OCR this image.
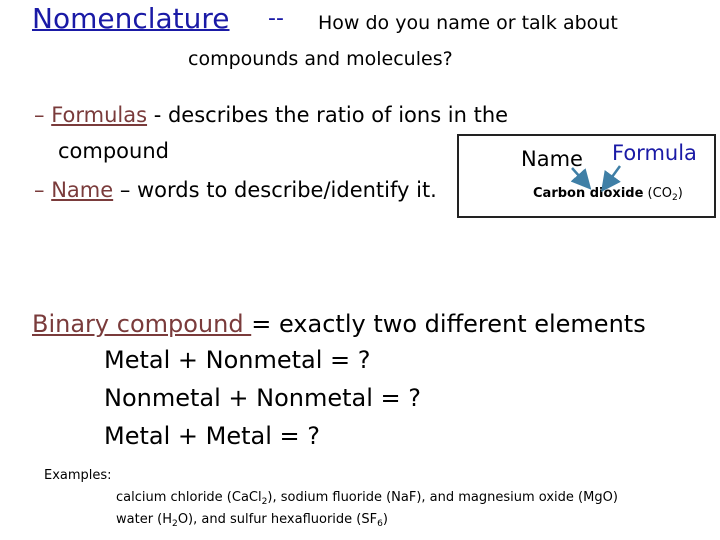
Nomenclature -- How do you name or talk about
compounds and molecules?
– Formulas - describes the ratio of ions in the
compound
– Name – words to describe/identify it.
Name Formula
Carbon dioxide $(CO_2)$
Binary compound = exactly two different elements
Metal + Nonmetal = ?
Nonmetal + Nonmetal = ?
Metal + Metal = ?
Examples:
calcium chloride (CaCl$_2$), sodium fluoride (NaF), and magnesium oxide (MgO)
water $(H_2O)$, and sulfur hexafluoride $(SF_6)$
